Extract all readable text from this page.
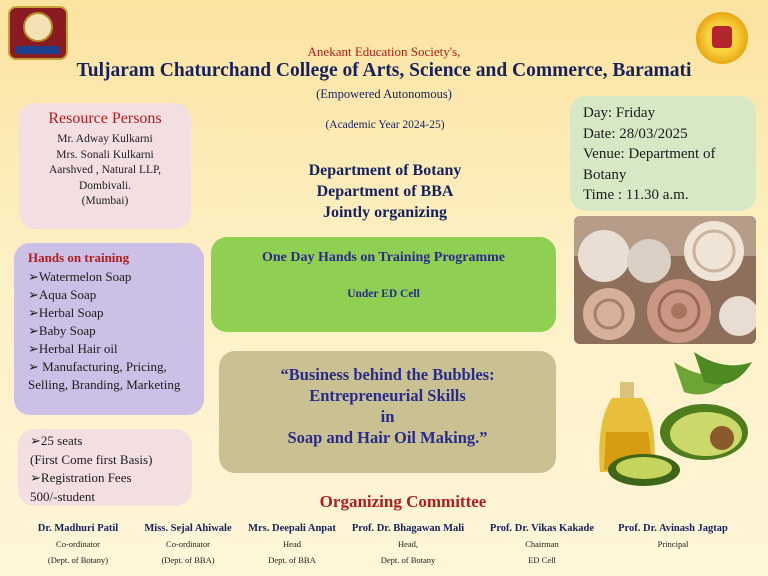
Anekant Education Society's,
Tuljaram Chaturchand College of Arts, Science and Commerce, Baramati
(Empowered Autonomous)
(Academic Year 2024-25)
Department of Botany
Department of BBA
Jointly organizing
Resource Persons
Mr. Adway Kulkarni
Mrs. Sonali Kulkarni
Aarshved , Natural LLP,
Dombivali.
(Mumbai)
Hands on training
➢Watermelon Soap
➢Aqua Soap
➢Herbal Soap
➢Baby Soap
➢Herbal Hair oil
➢ Manufacturing, Pricing, Selling, Branding, Marketing
➢25 seats
(First Come first Basis)
➢Registration Fees
500/-student
One Day Hands on Training Programme
Under ED Cell
“Business behind the Bubbles:
Entrepreneurial Skills
in
Soap and Hair Oil Making.”
Day: Friday
Date: 28/03/2025
Venue: Department of Botany
Time : 11.30 a.m.
Organizing Committee
Dr. Madhuri Patil
Co-ordinator
(Dept. of Botany)
Miss. Sejal Ahiwale
Co-ordinator
(Dept. of BBA)
Mrs. Deepali Anpat
Head
Dept. of BBA
Prof. Dr. Bhagawan Mali
Head,
Dept. of Botany
Prof. Dr. Vikas Kakade
Chairman
ED Cell
Prof. Dr. Avinash Jagtap
Principal
